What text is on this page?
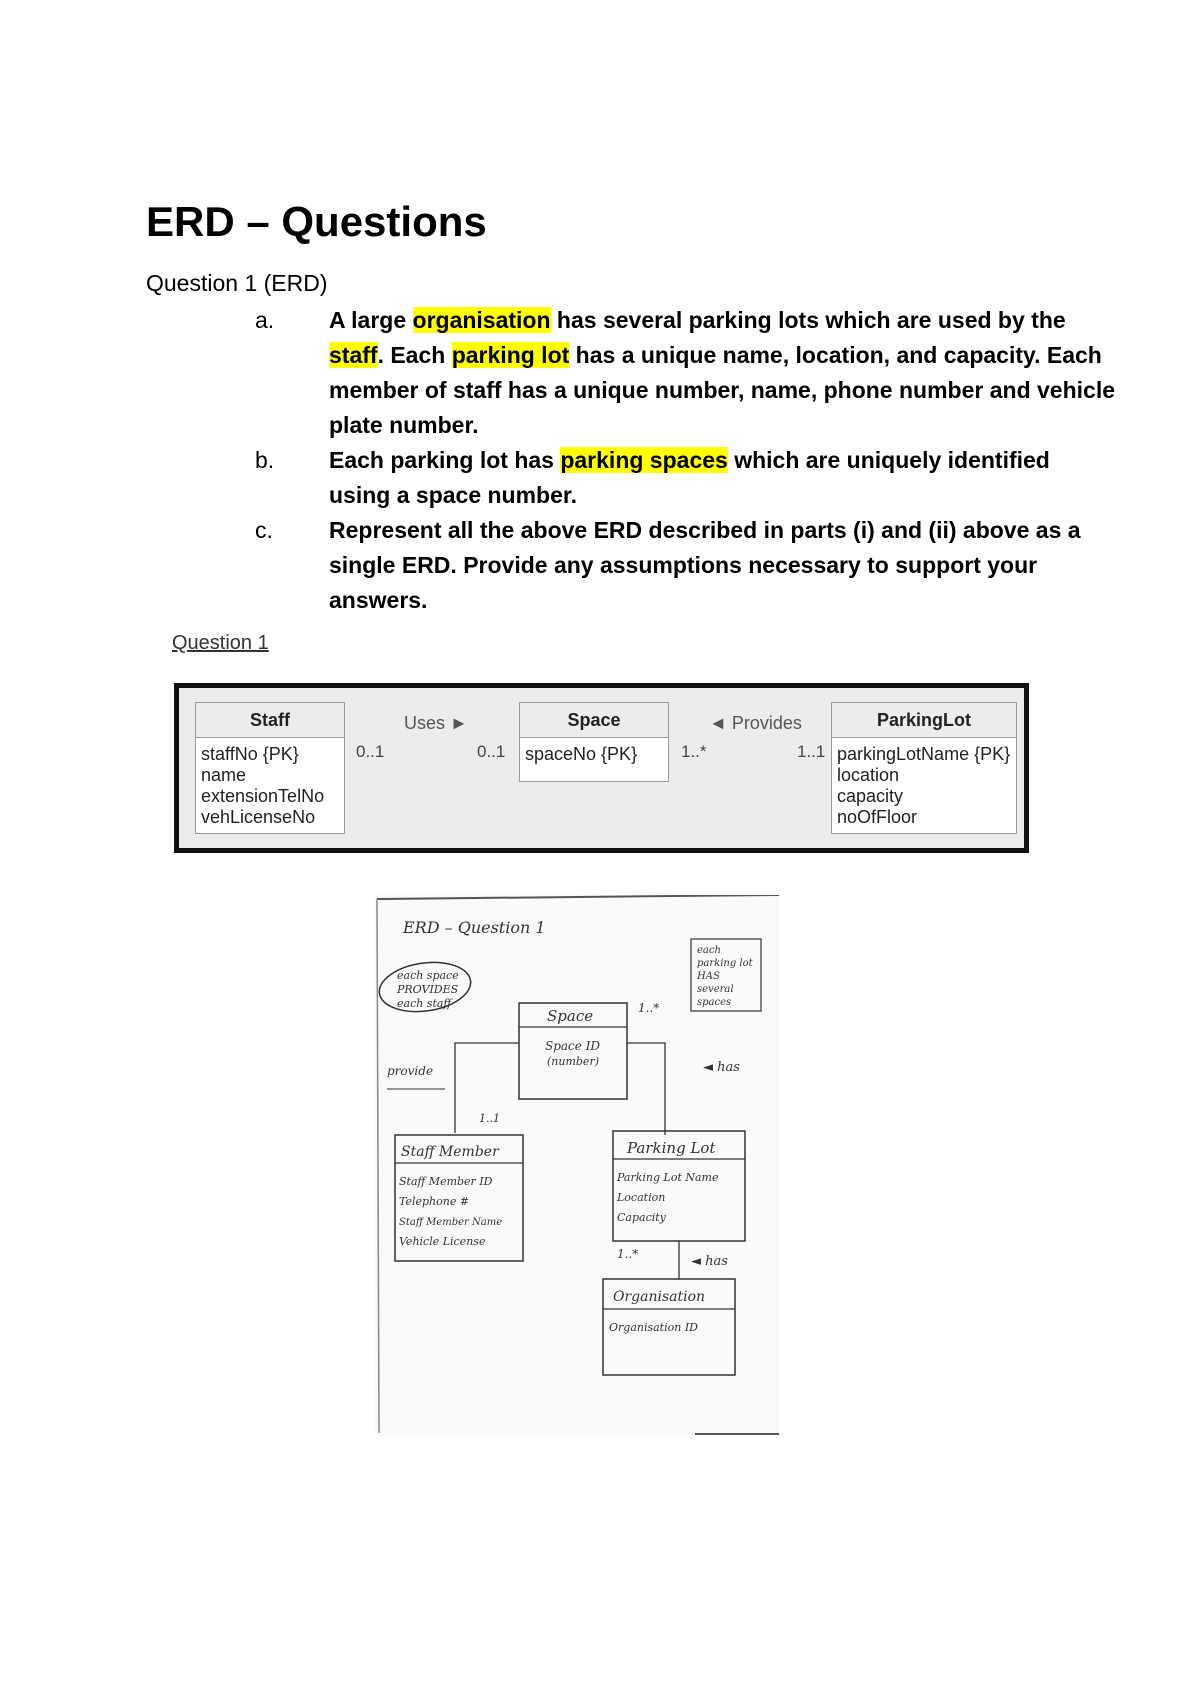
ERD – Questions
Question 1 (ERD)
a. A large organisation has several parking lots which are used by the staff. Each parking lot has a unique name, location, and capacity. Each member of staff has a unique number, name, phone number and vehicle plate number.
b. Each parking lot has parking spaces which are uniquely identified using a space number.
c. Represent all the above ERD described in parts (i) and (ii) above as a single ERD. Provide any assumptions necessary to support your answers.
Question 1
Staff
staffNo {PK}
name
extensionTelNo
vehLicenseNo
Uses ►
0..1	0..1
Space
spaceNo {PK}
◄ Provides
1..*	1..1
ParkingLot
parkingLotName {PK}
location
capacity
noOfFloor
ERD – Question 1
each space
PROVIDES
each staff
each
parking lot
HAS
several
spaces
Space
Space ID
(number)
1..*
◄ has
provide
1..1
Staff Member
Staff Member ID
Telephone #
Staff Member Name
Vehicle License
Parking Lot
Parking Lot Name
Location
Capacity
1..*	◄ has
Organisation
Organisation ID
